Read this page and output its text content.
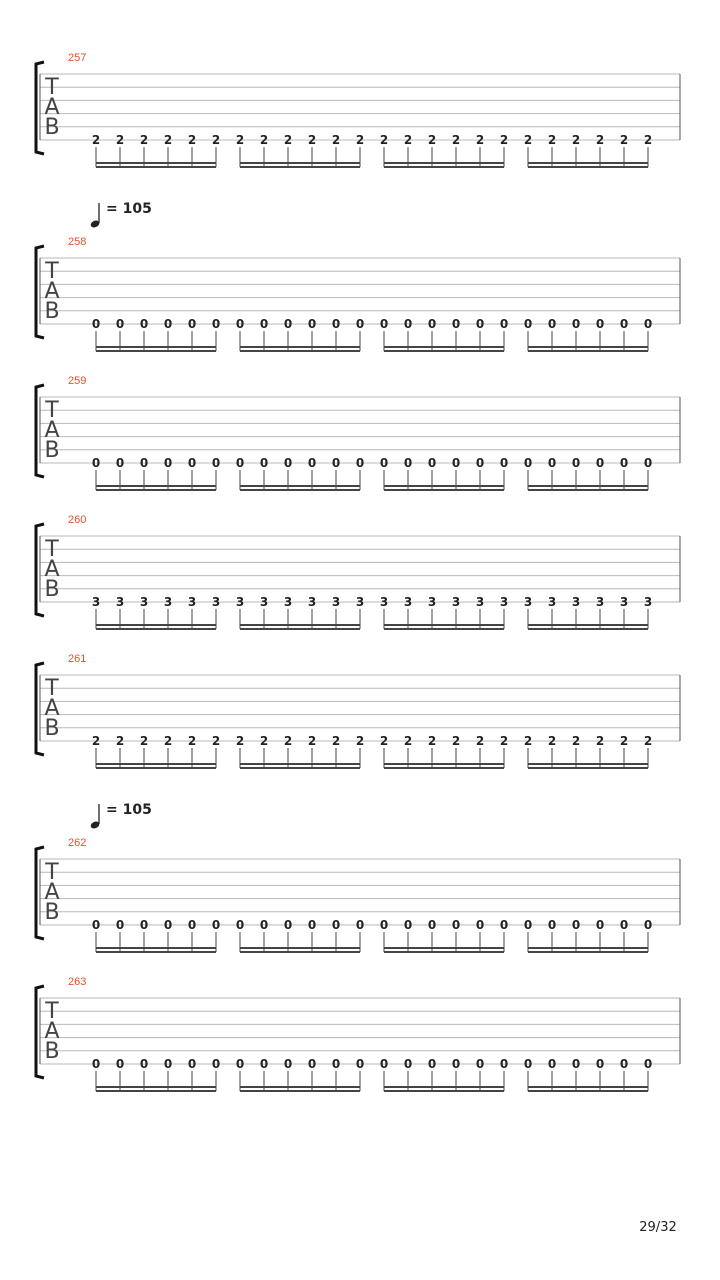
257
T
A
B	2 2 2 2 2 2 2 2 2 2 2 2 2 2 2 2 2 2 2 2 2 2 2 2
= 105
258
T
A
B	0 0 0 0 0 0 0 0 0 0 0 0 0 0 0 0 0 0 0 0 0 0 0 0
259
T
A
B	0 0 0 0 0 0 0 0 0 0 0 0 0 0 0 0 0 0 0 0 0 0 0 0
260
T
A
B	3 3 3 3 3 3 3 3 3 3 3 3 3 3 3 3 3 3 3 3 3 3 3 3
261
T
A
B	2 2 2 2 2 2 2 2 2 2 2 2 2 2 2 2 2 2 2 2 2 2 2 2
= 105
262
T
A
B	0 0 0 0 0 0 0 0 0 0 0 0 0 0 0 0 0 0 0 0 0 0 0 0
263
T
A
B	0 0 0 0 0 0 0 0 0 0 0 0 0 0 0 0 0 0 0 0 0 0 0 0
29/32
